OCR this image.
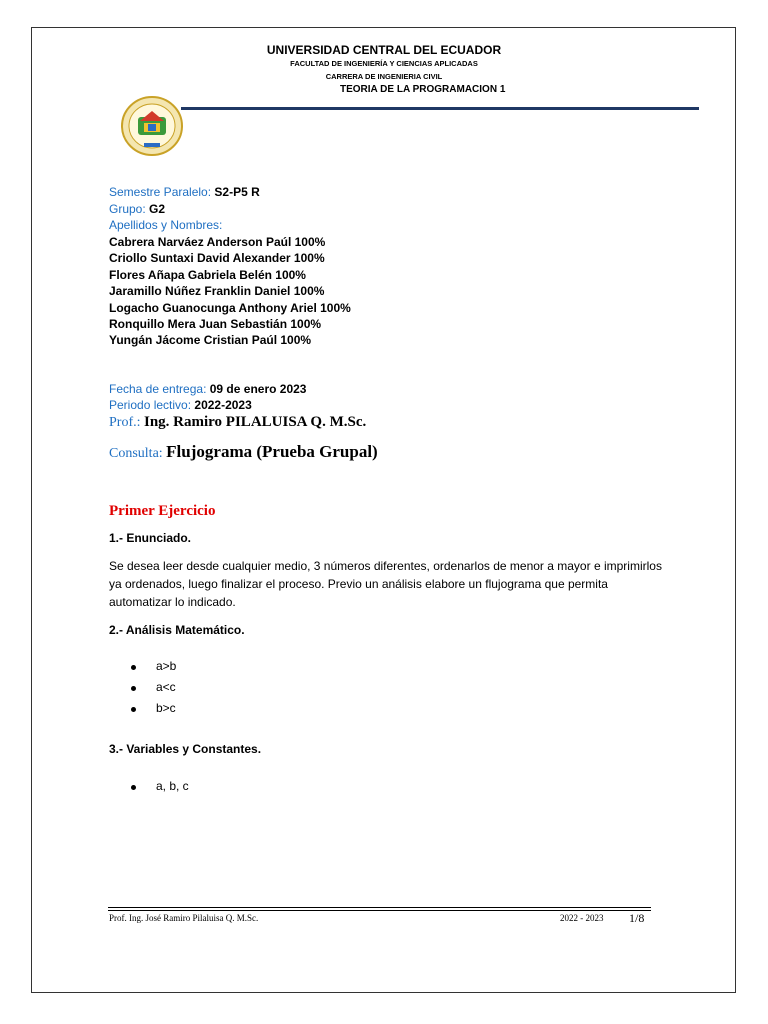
UNIVERSIDAD CENTRAL DEL ECUADOR
FACULTAD DE INGENIERÍA Y CIENCIAS APLICADAS
CARRERA DE INGENIERIA CIVIL
TEORIA DE LA PROGRAMACION 1
Semestre Paralelo: S2-P5 R
Grupo: G2
Apellidos y Nombres:
Cabrera Narváez Anderson Paúl 100%
Criollo Suntaxi David Alexander 100%
Flores Añapa Gabriela Belén 100%
Jaramillo Núñez Franklin Daniel 100%
Logacho Guanocunga Anthony Ariel 100%
Ronquillo Mera Juan Sebastián 100%
Yungán Jácome Cristian Paúl 100%
Fecha de entrega: 09 de enero 2023
Periodo lectivo: 2022-2023
Prof.: Ing. Ramiro PILALUISA Q. M.Sc.
Consulta: Flujograma (Prueba Grupal)
Primer Ejercicio
1.- Enunciado.
Se desea leer desde cualquier medio, 3 números diferentes, ordenarlos de menor a mayor e imprimirlos ya ordenados, luego finalizar el proceso. Previo un análisis elabore un flujograma que permita automatizar lo indicado.
2.- Análisis Matemático.
a>b
a<c
b>c
3.- Variables y Constantes.
a, b, c
Prof. Ing. José Ramiro Pilaluisa Q. M.Sc.	2022 - 2023 1/8
